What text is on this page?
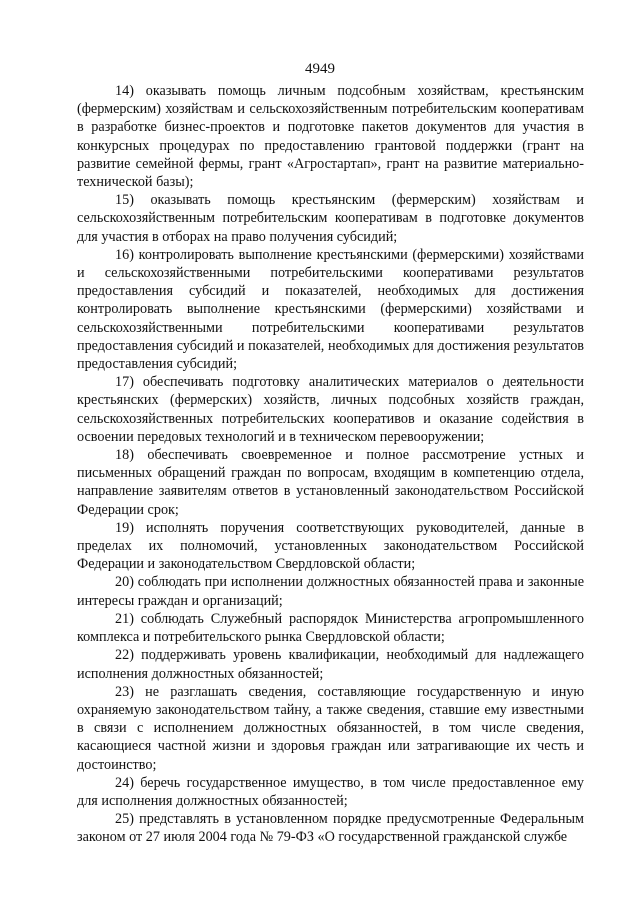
4949

14) оказывать помощь личным подсобным хозяйствам, крестьянским (фермерским) хозяйствам и сельскохозяйственным потребительским кооперативам в разработке бизнес-проектов и подготовке пакетов документов для участия в конкурсных процедурах по предоставлению грантовой поддержки (грант на развитие семейной фермы, грант «Агростартап», грант на развитие материально-технической базы);

15) оказывать помощь крестьянским (фермерским) хозяйствам и сельскохозяйственным потребительским кооперативам в подготовке документов для участия в отборах на право получения субсидий;

16) контролировать выполнение крестьянскими (фермерскими) хозяйствами и сельскохозяйственными потребительскими кооперативами результатов предоставления субсидий и показателей, необходимых для достижения контролировать выполнение крестьянскими (фермерскими) хозяйствами и сельскохозяйственными потребительскими кооперативами результатов предоставления субсидий и показателей, необходимых для достижения результатов предоставления субсидий;

17) обеспечивать подготовку аналитических материалов о деятельности крестьянских (фермерских) хозяйств, личных подсобных хозяйств граждан, сельскохозяйственных потребительских кооперативов и оказание содействия в освоении передовых технологий и в техническом перевооружении;

18) обеспечивать своевременное и полное рассмотрение устных и письменных обращений граждан по вопросам, входящим в компетенцию отдела, направление заявителям ответов в установленный законодательством Российской Федерации срок;

19) исполнять поручения соответствующих руководителей, данные в пределах их полномочий, установленных законодательством Российской Федерации и законодательством Свердловской области;

20) соблюдать при исполнении должностных обязанностей права и законные интересы граждан и организаций;

21) соблюдать Служебный распорядок Министерства агропромышленного комплекса и потребительского рынка Свердловской области;

22) поддерживать уровень квалификации, необходимый для надлежащего исполнения должностных обязанностей;

23) не разглашать сведения, составляющие государственную и иную охраняемую законодательством тайну, а также сведения, ставшие ему известными в связи с исполнением должностных обязанностей, в том числе сведения, касающиеся частной жизни и здоровья граждан или затрагивающие их честь и достоинство;

24) беречь государственное имущество, в том числе предоставленное ему для исполнения должностных обязанностей;

25) представлять в установленном порядке предусмотренные Федеральным законом от 27 июля 2004 года № 79-ФЗ «О государственной гражданской службе
